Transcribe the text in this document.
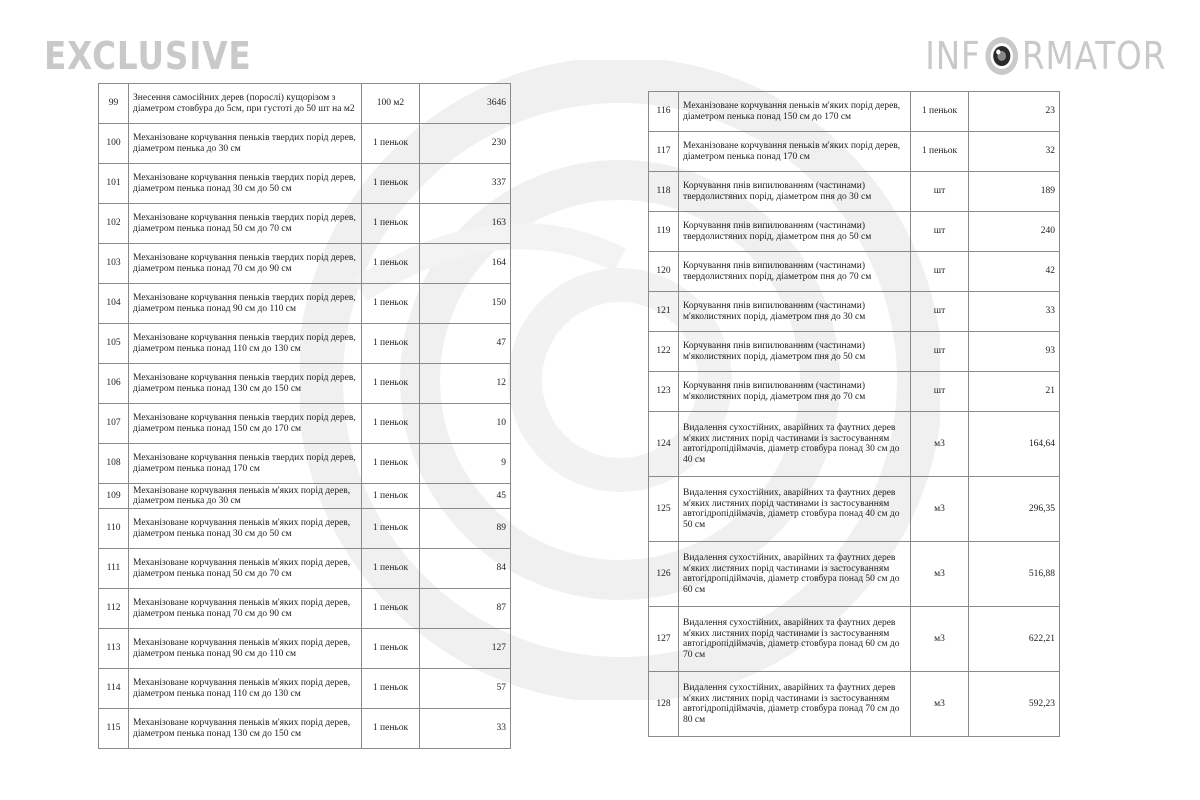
EXCLUSIVE	INF RMATOR
99	Знесення самосійних дерев (порослі) кущорізом з діаметром стовбура до 5см, при густоті до 50 шт на м2	100 м2	3646
100	Механізоване корчування пеньків твердих порід дерев, діаметром пенька до 30 см	1 пеньок	230
101	Механізоване корчування пеньків твердих порід дерев, діаметром пенька понад 30 см до 50 см	1 пеньок	337
102	Механізоване корчування пеньків твердих порід дерев, діаметром пенька понад 50 см до 70 см	1 пеньок	163
103	Механізоване корчування пеньків твердих порід дерев, діаметром пенька понад 70 см до 90 см	1 пеньок	164
104	Механізоване корчування пеньків твердих порід дерев, діаметром пенька понад 90 см до 110 см	1 пеньок	150
105	Механізоване корчування пеньків твердих порід дерев, діаметром пенька понад 110 см до 130 см	1 пеньок	47
106	Механізоване корчування пеньків твердих порід дерев, діаметром пенька понад 130 см до 150 см	1 пеньок	12
107	Механізоване корчування пеньків твердих порід дерев, діаметром пенька понад 150 см до 170 см	1 пеньок	10
108	Механізоване корчування пеньків твердих порід дерев, діаметром пенька понад 170 см	1 пеньок	9
109	Механізоване корчування пеньків м'яких порід дерев, діаметром пенька до 30 см	1 пеньок	45
110	Механізоване корчування пеньків м'яких порід дерев, діаметром пенька понад 30 см до 50 см	1 пеньок	89
111	Механізоване корчування пеньків м'яких порід дерев, діаметром пенька понад 50 см до 70 см	1 пеньок	84
112	Механізоване корчування пеньків м'яких порід дерев, діаметром пенька понад 70 см до 90 см	1 пеньок	87
113	Механізоване корчування пеньків м'яких порід дерев, діаметром пенька понад 90 см до 110 см	1 пеньок	127
114	Механізоване корчування пеньків м'яких порід дерев, діаметром пенька понад 110 см до 130 см	1 пеньок	57
115	Механізоване корчування пеньків м'яких порід дерев, діаметром пенька понад 130 см до 150 см	1 пеньок	33
116	Механізоване корчування пеньків м'яких порід дерев, діаметром пенька понад 150 см до 170 см	1 пеньок	23
117	Механізоване корчування пеньків м'яких порід дерев, діаметром пенька понад 170 см	1 пеньок	32
118	Корчування пнів випилюванням (частинами) твердолистяних порід, діаметром пня до 30 см	шт	189
119	Корчування пнів випилюванням (частинами) твердолистяних порід, діаметром пня до 50 см	шт	240
120	Корчування пнів випилюванням (частинами) твердолистяних порід, діаметром пня до 70 см	шт	42
121	Корчування пнів випилюванням (частинами) м'яколистяних порід, діаметром пня до 30 см	шт	33
122	Корчування пнів випилюванням (частинами) м'яколистяних порід, діаметром пня до 50 см	шт	93
123	Корчування пнів випилюванням (частинами) м'яколистяних порід, діаметром пня до 70 см	шт	21
124	Видалення сухостійних, аварійних та фаутних дерев м'яких листяних порід частинами із застосуванням автогідропідіймачів, діаметр стовбура понад 30 см до 40 см	м3	164,64
125	Видалення сухостійних, аварійних та фаутних дерев м'яких листяних порід частинами із застосуванням автогідропідіймачів, діаметр стовбура понад 40 см до 50 см	м3	296,35
126	Видалення сухостійних, аварійних та фаутних дерев м'яких листяних порід частинами із застосуванням автогідропідіймачів, діаметр стовбура понад 50 см до 60 см	м3	516,88
127	Видалення сухостійних, аварійних та фаутних дерев м'яких листяних порід частинами із застосуванням автогідропідіймачів, діаметр стовбура понад 60 см до 70 см	м3	622,21
128	Видалення сухостійних, аварійних та фаутних дерев м'яких листяних порід частинами із застосуванням автогідропідіймачів, діаметр стовбура понад 70 см до 80 см	м3	592,23
